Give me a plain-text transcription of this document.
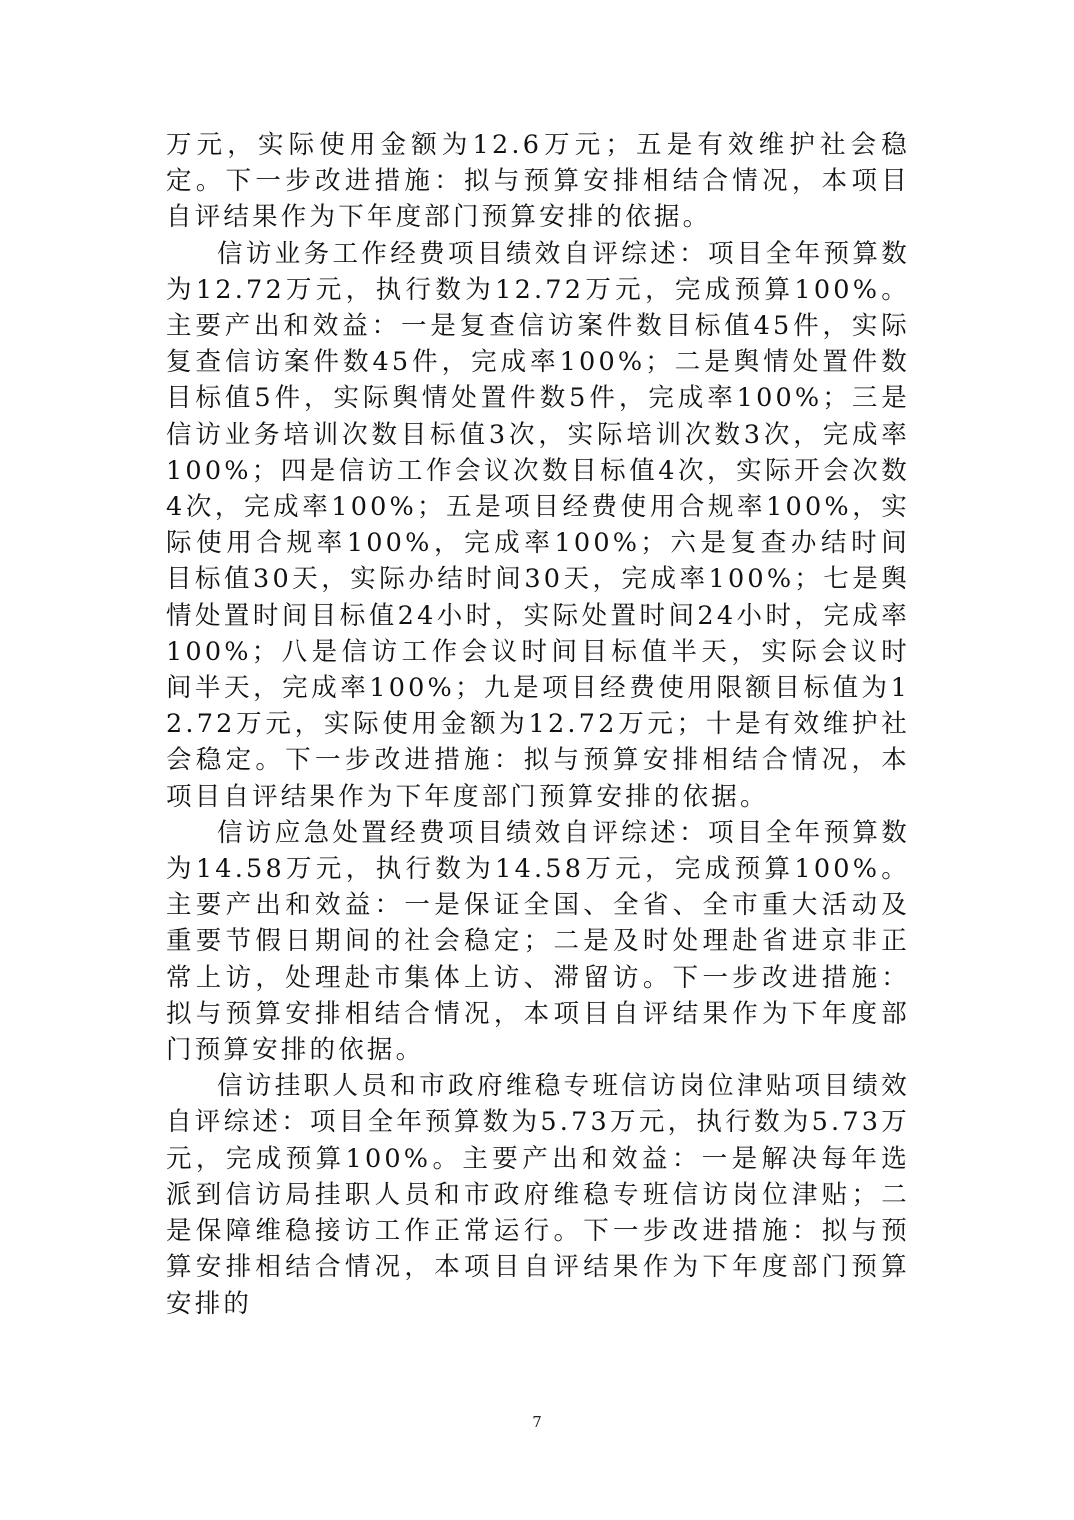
万元，实际使用金额为12.6万元；五是有效维护社会稳定。下一步改进措施：拟与预算安排相结合情况，本项目自评结果作为下年度部门预算安排的依据。

信访业务工作经费项目绩效自评综述：项目全年预算数为12.72万元，执行数为12.72万元，完成预算100%。主要产出和效益：一是复查信访案件数目标值45件，实际复查信访案件数45件，完成率100%；二是舆情处置件数目标值5件，实际舆情处置件数5件，完成率100%；三是信访业务培训次数目标值3次，实际培训次数3次，完成率100%；四是信访工作会议次数目标值4次，实际开会次数4次，完成率100%；五是项目经费使用合规率100%，实际使用合规率100%，完成率100%；六是复查办结时间目标值30天，实际办结时间30天，完成率100%；七是舆情处置时间目标值24小时，实际处置时间24小时，完成率100%；八是信访工作会议时间目标值半天，实际会议时间半天，完成率100%；九是项目经费使用限额目标值为12.72万元，实际使用金额为12.72万元；十是有效维护社会稳定。下一步改进措施：拟与预算安排相结合情况，本项目自评结果作为下年度部门预算安排的依据。

信访应急处置经费项目绩效自评综述：项目全年预算数为14.58万元，执行数为14.58万元，完成预算100%。主要产出和效益：一是保证全国、全省、全市重大活动及重要节假日期间的社会稳定；二是及时处理赴省进京非正常上访，处理赴市集体上访、滞留访。下一步改进措施：拟与预算安排相结合情况，本项目自评结果作为下年度部门预算安排的依据。

信访挂职人员和市政府维稳专班信访岗位津贴项目绩效自评综述：项目全年预算数为5.73万元，执行数为5.73万元，完成预算100%。主要产出和效益：一是解决每年选派到信访局挂职人员和市政府维稳专班信访岗位津贴；二是保障维稳接访工作正常运行。下一步改进措施：拟与预算安排相结合情况，本项目自评结果作为下年度部门预算安排的

7
